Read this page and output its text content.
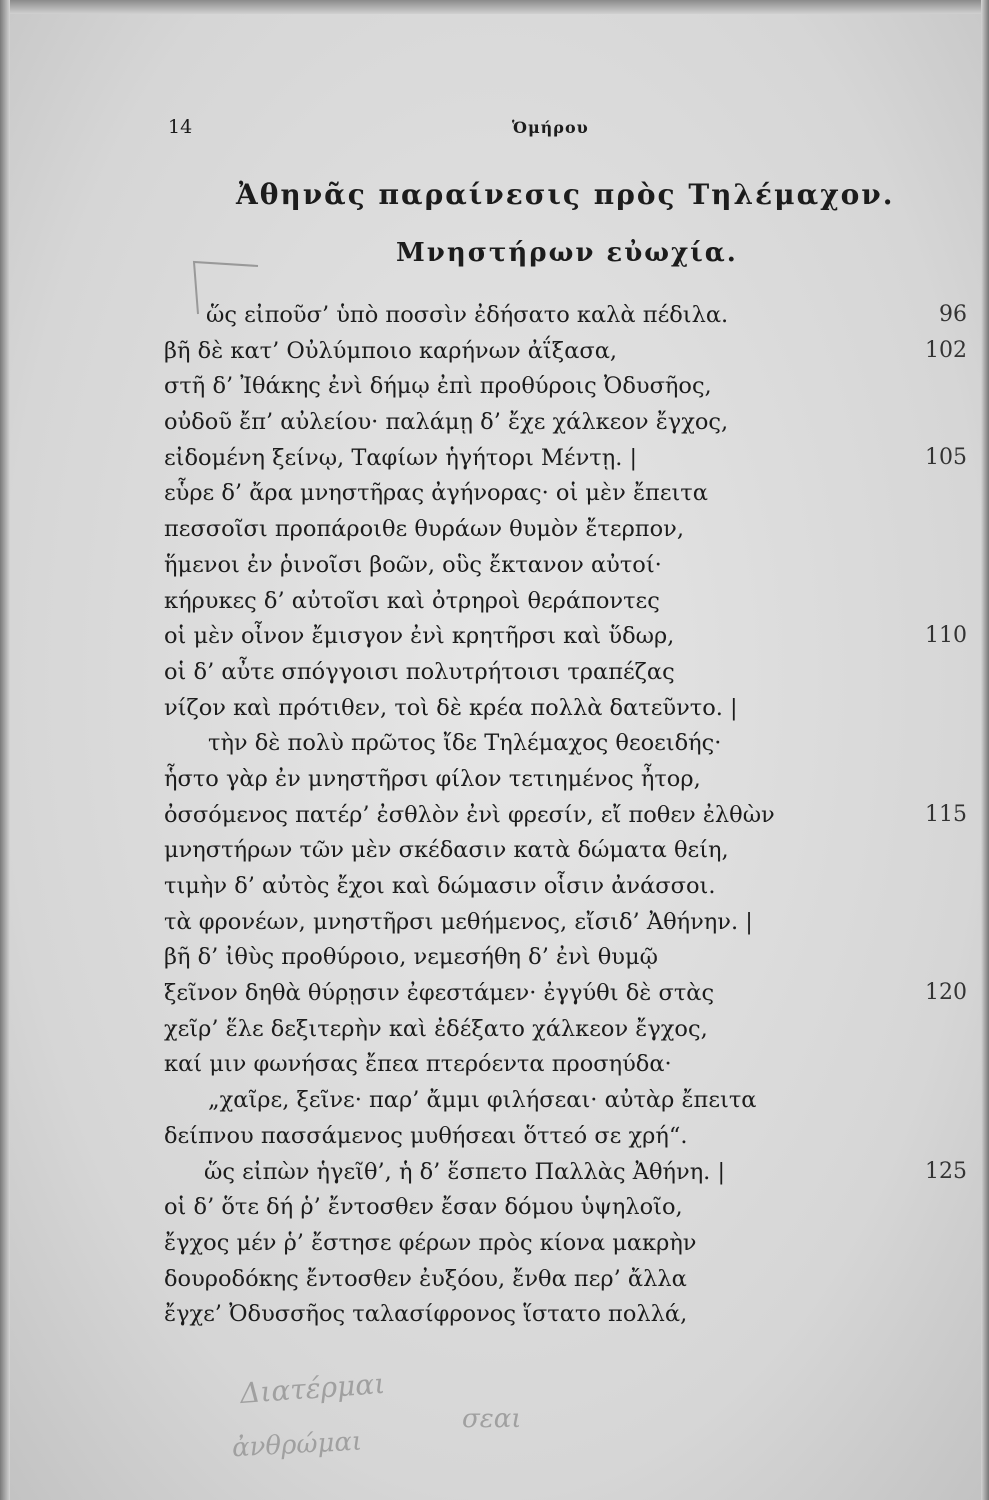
14	Ὁμήρου
Ἀθηνᾶς παραίνεσις πρὸς Τηλέμαχον.
Μνηστήρων εὐωχία.
ὥς εἰποῦσ’ ὑπὸ ποσσὶν ἐδήσατο καλὰ πέδιλα.	96
βῆ δὲ κατ’ Οὐλύμποιο καρήνων ἀΐξασα,	102
στῆ δ’ Ἰθάκης ἐνὶ δήμῳ ἐπὶ προθύροις Ὀδυσῆος,
οὐδοῦ ἔπ’ αὐλείου· παλάμῃ δ’ ἔχε χάλκεον ἔγχος,
εἰδομένη ξείνῳ, Ταφίων ἡγήτορι Μέντῃ. |	105
εὗρε δ’ ἄρα μνηστῆρας ἀγήνορας· οἱ μὲν ἔπειτα
πεσσοῖσι προπάροιθε θυράων θυμὸν ἔτερπον,
ἥμενοι ἐν ῥινοῖσι βοῶν, οὓς ἔκτανον αὐτοί·
κήρυκες δ’ αὐτοῖσι καὶ ὀτρηροὶ θεράποντες
οἱ μὲν οἶνον ἔμισγον ἐνὶ κρητῆρσι καὶ ὕδωρ,	110
οἱ δ’ αὖτε σπόγγοισι πολυτρήτοισι τραπέζας
νίζον καὶ πρότιθεν, τοὶ δὲ κρέα πολλὰ δατεῦντο. |
τὴν δὲ πολὺ πρῶτος ἴδε Τηλέμαχος θεοειδής·
ἧστο γὰρ ἐν μνηστῆρσι φίλον τετιημένος ἦτορ,
ὀσσόμενος πατέρ’ ἐσθλὸν ἐνὶ φρεσίν, εἴ ποθεν ἐλθὼν	115
μνηστήρων τῶν μὲν σκέδασιν κατὰ δώματα θείη,
τιμὴν δ’ αὐτὸς ἔχοι καὶ δώμασιν οἷσιν ἀνάσσοι.
τὰ φρονέων, μνηστῆρσι μεθήμενος, εἴσιδ’ Ἀθήνην. |
βῆ δ’ ἰθὺς προθύροιο, νεμεσήθη δ’ ἐνὶ θυμῷ
ξεῖνον δηθὰ θύρῃσιν ἐφεστάμεν· ἐγγύθι δὲ στὰς	120
χεῖρ’ ἕλε δεξιτερὴν καὶ ἐδέξατο χάλκεον ἔγχος,
καί μιν φωνήσας ἔπεα πτερόεντα προσηύδα·
„χαῖρε, ξεῖνε· παρ’ ἄμμι φιλήσεαι· αὐτὰρ ἔπειτα
δείπνου πασσάμενος μυθήσεαι ὅττεό σε χρή“.
ὥς εἰπὼν ἡγεῖθ’, ἡ δ’ ἕσπετο Παλλὰς Ἀθήνη. |	125
οἱ δ’ ὅτε δή ῥ’ ἔντοσθεν ἔσαν δόμου ὑψηλοῖο,
ἔγχος μέν ῥ’ ἔστησε φέρων πρὸς κίονα μακρὴν
δουροδόκης ἔντοσθεν ἐυξόου, ἔνθα περ’ ἄλλα
ἔγχε’ Ὀδυσσῆος ταλασίφρονος ἵστατο πολλά,
Διατέρμαι
σεαι
ἀνθρώμαι
